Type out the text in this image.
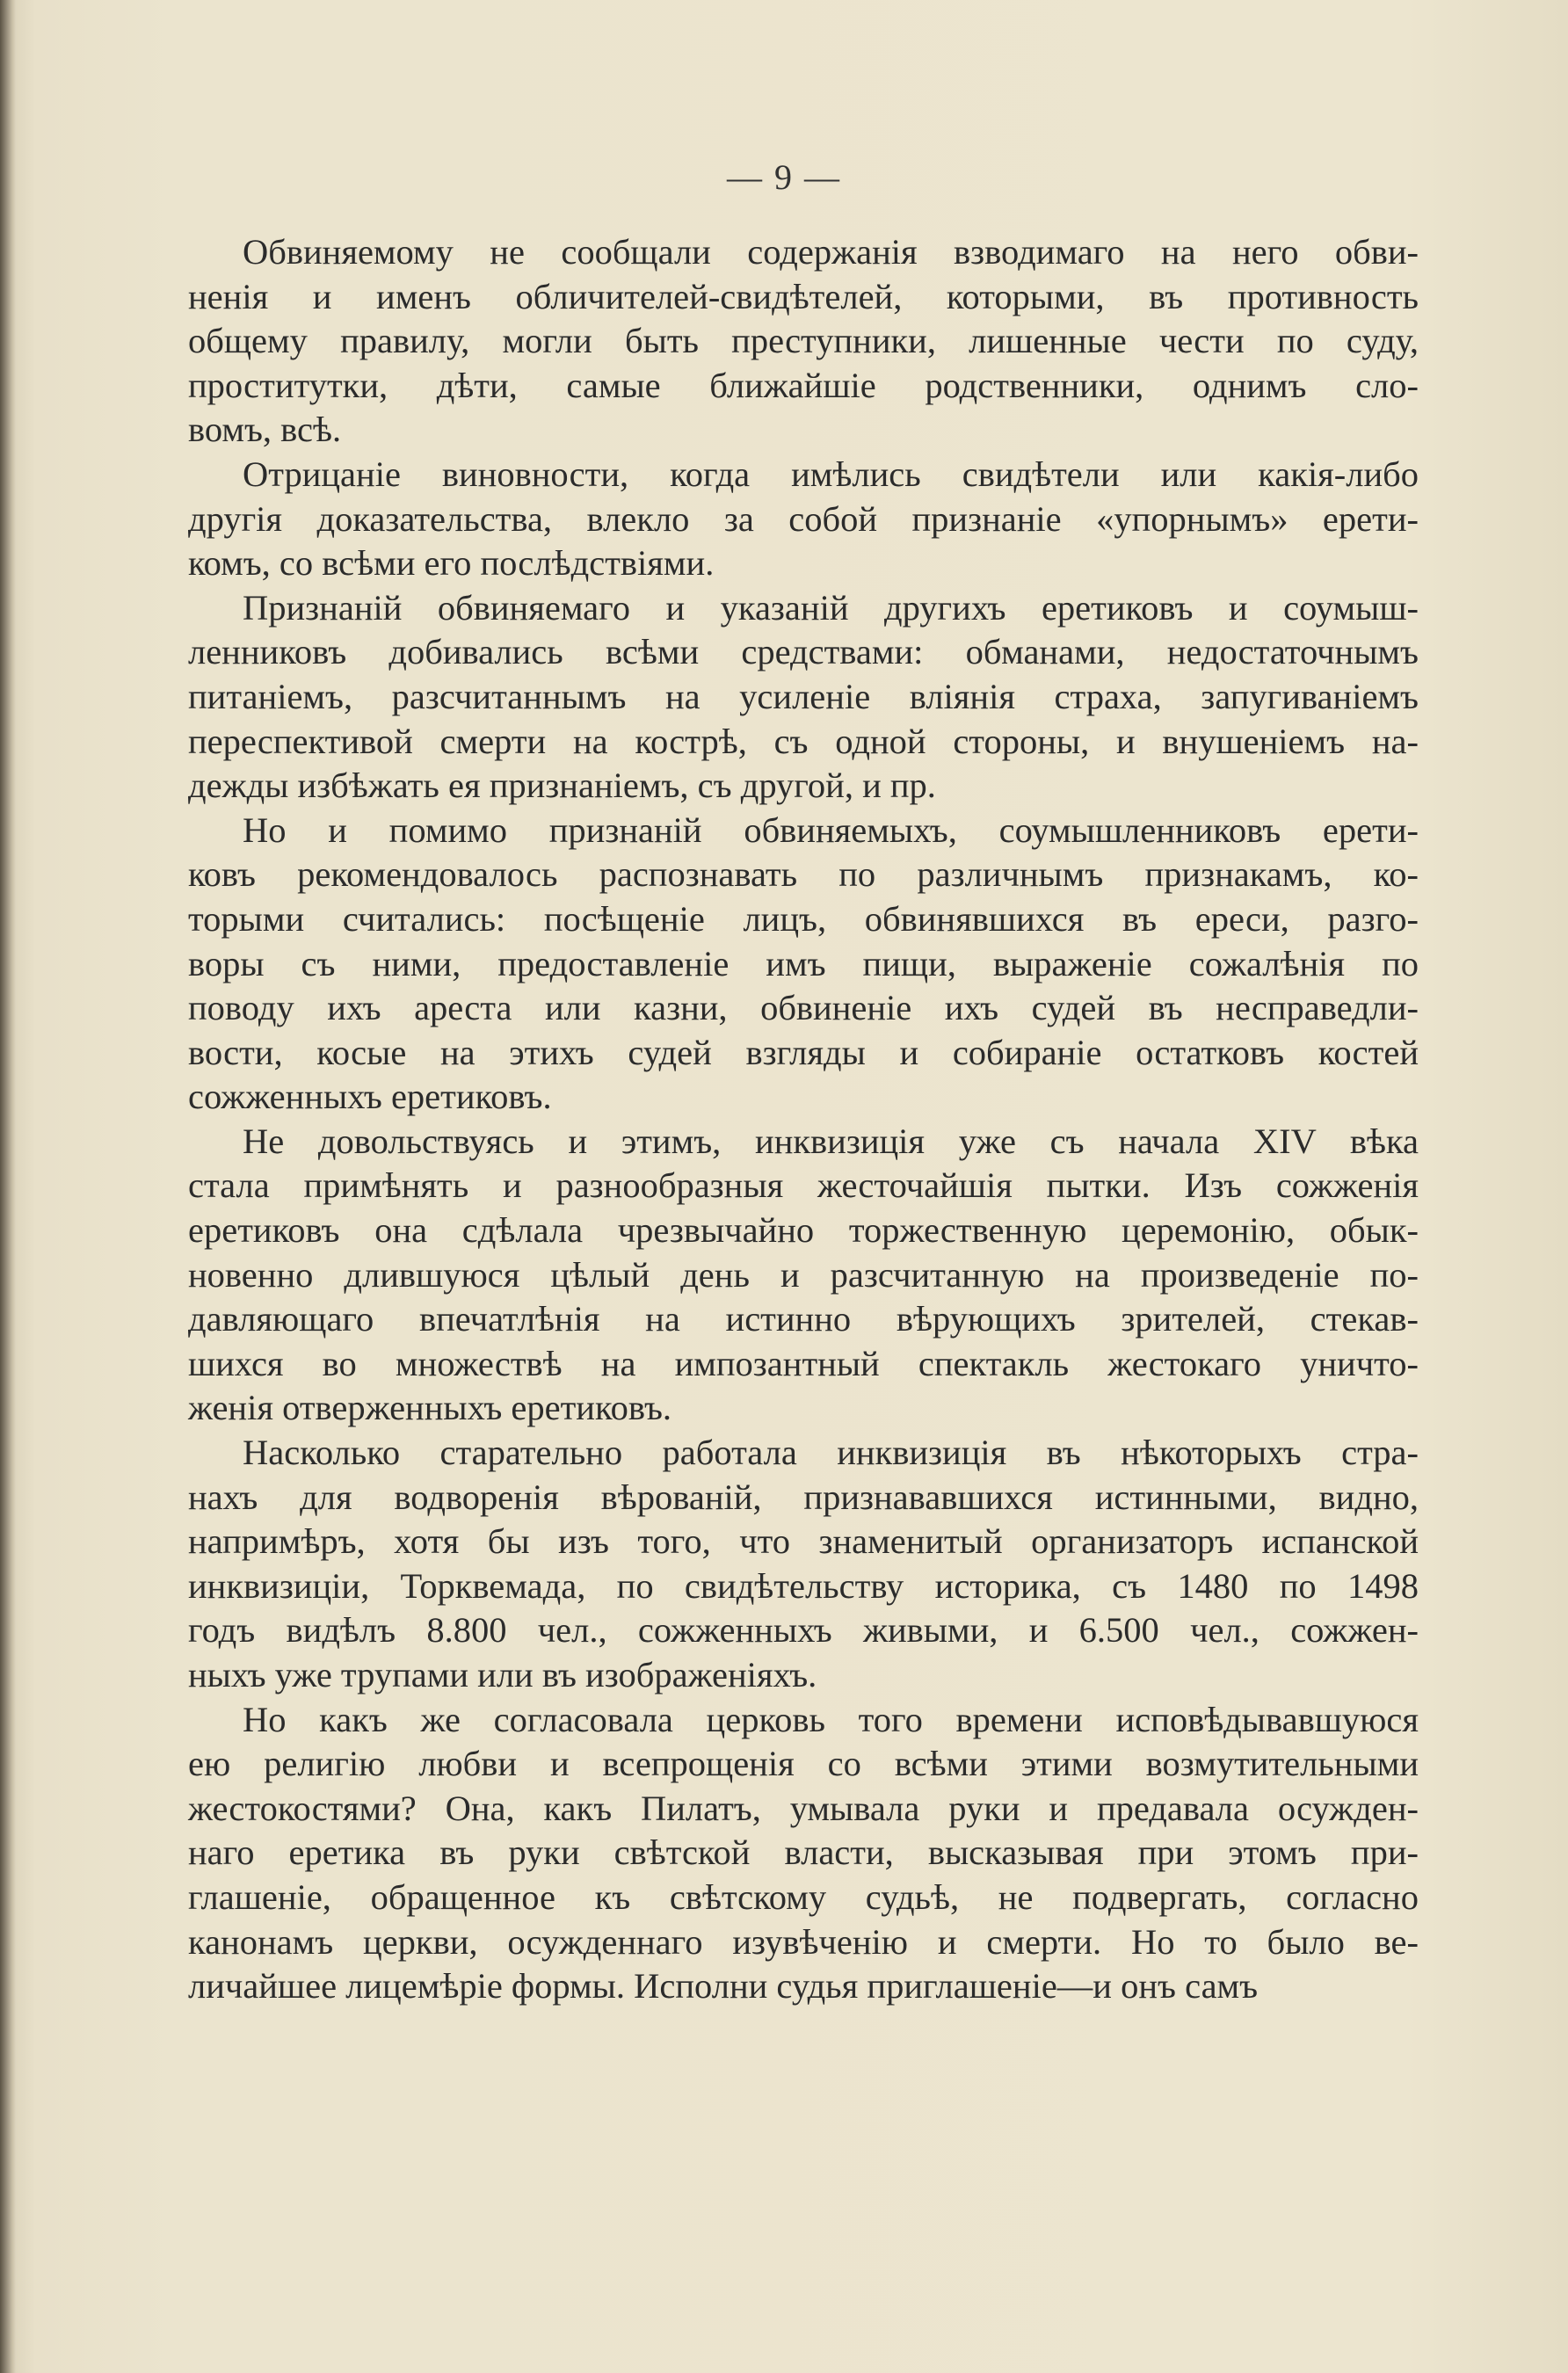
— 9 —

Обвиняемому не сообщали содержанія взводимаго на него обви-
ненія и именъ обличителей-свидѣтелей, которыми, въ противность
общему правилу, могли быть преступники, лишенные чести по суду,
проститутки, дѣти, самые ближайшіе родственники, однимъ сло-
вомъ, всѣ.

Отрицаніе виновности, когда имѣлись свидѣтели или какія-либо
другія доказательства, влекло за собой признаніе «упорнымъ» ерети-
комъ, со всѣми его послѣдствіями.

Признаній обвиняемаго и указаній другихъ еретиковъ и соумыш-
ленниковъ добивались всѣми средствами: обманами, недостаточнымъ
питаніемъ, разсчитаннымъ на усиленіе вліянія страха, запугиваніемъ
переспективой смерти на кострѣ, съ одной стороны, и внушеніемъ на-
дежды избѣжать ея признаніемъ, съ другой, и пр.

Но и помимо признаній обвиняемыхъ, соумышленниковъ ерети-
ковъ рекомендовалось распознавать по различнымъ признакамъ, ко-
торыми считались: посѣщеніе лицъ, обвинявшихся въ ереси, разго-
воры съ ними, предоставленіе имъ пищи, выраженіе сожалѣнія по
поводу ихъ ареста или казни, обвиненіе ихъ судей въ несправедли-
вости, косые на этихъ судей взгляды и собираніе остатковъ костей
сожженныхъ еретиковъ.

Не довольствуясь и этимъ, инквизиція уже съ начала XIV вѣка
стала примѣнять и разнообразныя жесточайшія пытки. Изъ сожженія
еретиковъ она сдѣлала чрезвычайно торжественную церемонію, обык-
новенно длившуюся цѣлый день и разсчитанную на произведеніе по-
давляющаго впечатлѣнія на истинно вѣрующихъ зрителей, стекав-
шихся во множествѣ на импозантный спектакль жестокаго уничто-
женія отверженныхъ еретиковъ.

Насколько старательно работала инквизиція въ нѣкоторыхъ стра-
нахъ для водворенія вѣрованій, признававшихся истинными, видно,
напримѣръ, хотя бы изъ того, что знаменитый организаторъ испанской
инквизиціи, Торквемада, по свидѣтельству историка, съ 1480 по 1498
годъ видѣлъ 8.800 чел., сожженныхъ живыми, и 6.500 чел., сожжен-
ныхъ уже трупами или въ изображеніяхъ.

Но какъ же согласовала церковь того времени исповѣдывавшуюся
ею религію любви и всепрощенія со всѣми этими возмутительными
жестокостями? Она, какъ Пилатъ, умывала руки и предавала осужден-
наго еретика въ руки свѣтской власти, высказывая при этомъ при-
глашеніе, обращенное къ свѣтскому судьѣ, не подвергать, согласно
канонамъ церкви, осужденнаго изувѣченію и смерти. Но то было ве-
личайшее лицемѣріе формы. Исполни судья приглашеніе—и онъ самъ
